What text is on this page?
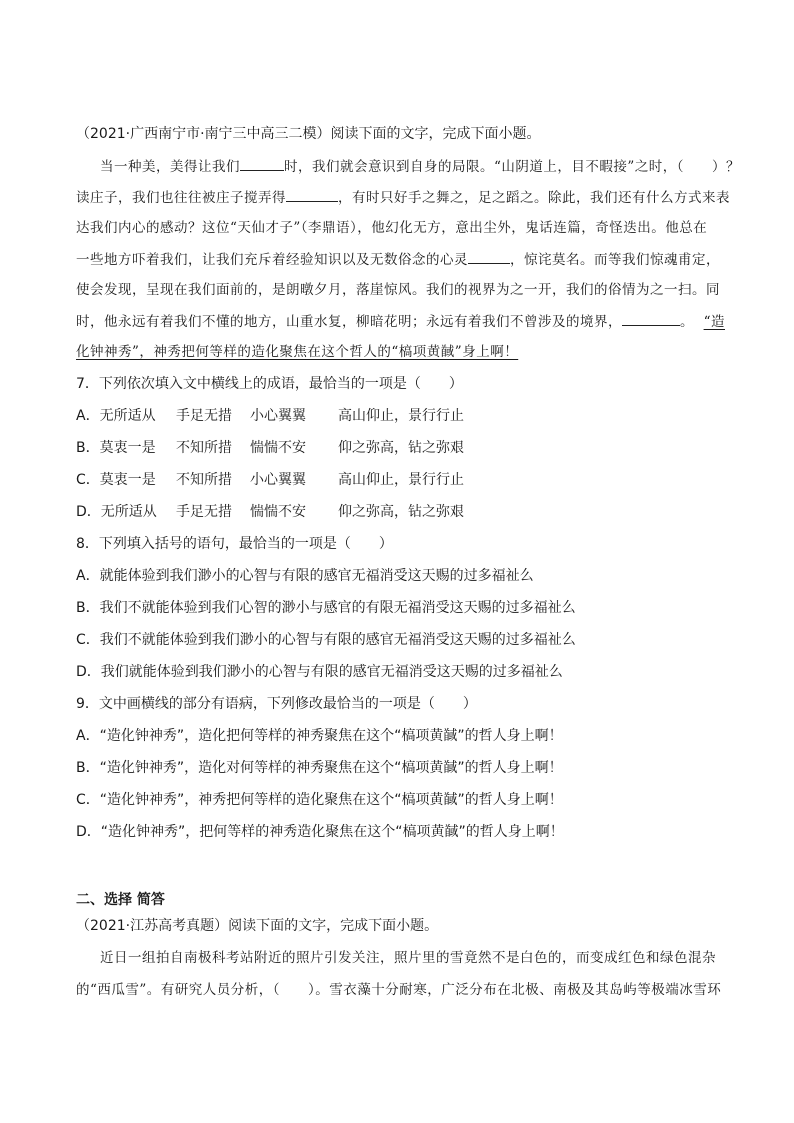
（2021·广西南宁市·南宁三中高三二模）阅读下面的文字，完成下面小题。
当一种美，美得让我们	时，我们就会意识到自身的局限。“山阴道上，目不暇接”之时，（　　）？
读庄子，我们也往往被庄子搅弄得	，有时只好手之舞之，足之蹈之。除此，我们还有什么方式来表
达我们内心的感动？这位“天仙才子”（李鼎语），他幻化无方，意出尘外，鬼话连篇，奇怪迭出。他总在
一些地方吓着我们，让我们充斥着经验知识以及无数俗念的心灵	，惊诧莫名。而等我们惊魂甫定，
使会发现，呈现在我们面前的，是朗暾夕月，落崖惊风。我们的视界为之一开，我们的俗情为之一扫。同
时，他永远有着我们不懂的地方，山重水复，柳暗花明；永远有着我们不曾涉及的境界，	。 “造
化钟神秀”，神秀把何等样的造化聚焦在这个哲人的“槁项黄馘”身上啊！
7．下列依次填入文中横线上的成语，最恰当的一项是（　　）
A．无所适从 手足无措 小心翼翼 高山仰止，景行行止
B．莫衷一是 不知所措 惴惴不安 仰之弥高，钻之弥艰
C．莫衷一是 不知所措 小心翼翼 高山仰止，景行行止
D．无所适从 手足无措 惴惴不安 仰之弥高，钻之弥艰
8．下列填入括号的语句，最恰当的一项是（　　）
A．就能体验到我们渺小的心智与有限的感官无福消受这天赐的过多福祉么
B．我们不就能体验到我们心智的渺小与感官的有限无福消受这天赐的过多福祉么
C．我们不就能体验到我们渺小的心智与有限的感官无福消受这天赐的过多福祉么
D．我们就能体验到我们渺小的心智与有限的感官无福消受这天赐的过多福祉么
9．文中画横线的部分有语病，下列修改最恰当的一项是（　　）
A．“造化钟神秀”，造化把何等样的神秀聚焦在这个“槁项黄馘”的哲人身上啊！
B．“造化钟神秀”，造化对何等样的神秀聚焦在这个“槁项黄馘”的哲人身上啊！
C．“造化钟神秀”，神秀把何等样的造化聚焦在这个“槁项黄馘”的哲人身上啊！
D．“造化钟神秀”，把何等样的神秀造化聚焦在这个“槁项黄馘”的哲人身上啊！
二、选择 简答
（2021·江苏高考真题）阅读下面的文字，完成下面小题。
近日一组拍自南极科考站附近的照片引发关注，照片里的雪竟然不是白色的，而变成红色和绿色混杂
的“西瓜雪”。有研究人员分析，（　　）。雪衣藻十分耐寒，广泛分布在北极、南极及其岛屿等极端冰雪环
